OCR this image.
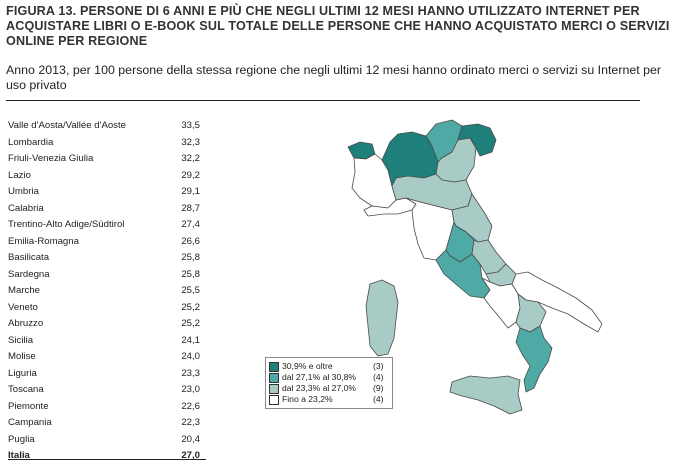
FIGURA 13. PERSONE DI 6 ANNI E PIÙ CHE NEGLI ULTIMI 12 MESI HANNO UTILIZZATO INTERNET PER ACQUISTARE LIBRI O E-BOOK SUL TOTALE DELLE PERSONE CHE HANNO ACQUISTATO MERCI O SERVIZI ONLINE PER REGIONE
Anno 2013, per 100 persone della stessa regione che negli ultimi 12 mesi hanno ordinato merci o servizi su Internet per uso privato
Valle d'Aosta/Vallée d'Aoste	33,5
Lombardia	32,3
Friuli-Venezia Giulia	32,2
Lazio	29,2
Umbria	29,1
Calabria	28,7
Trentino-Alto Adige/Südtirol	27,4
Emilia-Romagna	26,6
Basilicata	25,8
Sardegna	25,8
Marche	25,5
Veneto	25,2
Abruzzo	25,2
Sicilia	24,1
Molise	24,0
Liguria	23,3
Toscana	23,0
Piemonte	22,6
Campania	22,3
Puglia	20,4
Italia	27,0
30,9% e oltre	(3)
dal 27,1% al 30,8% (4)
dal 23,3% al 27,0% (9)
Fino a 23,2%	(4)
